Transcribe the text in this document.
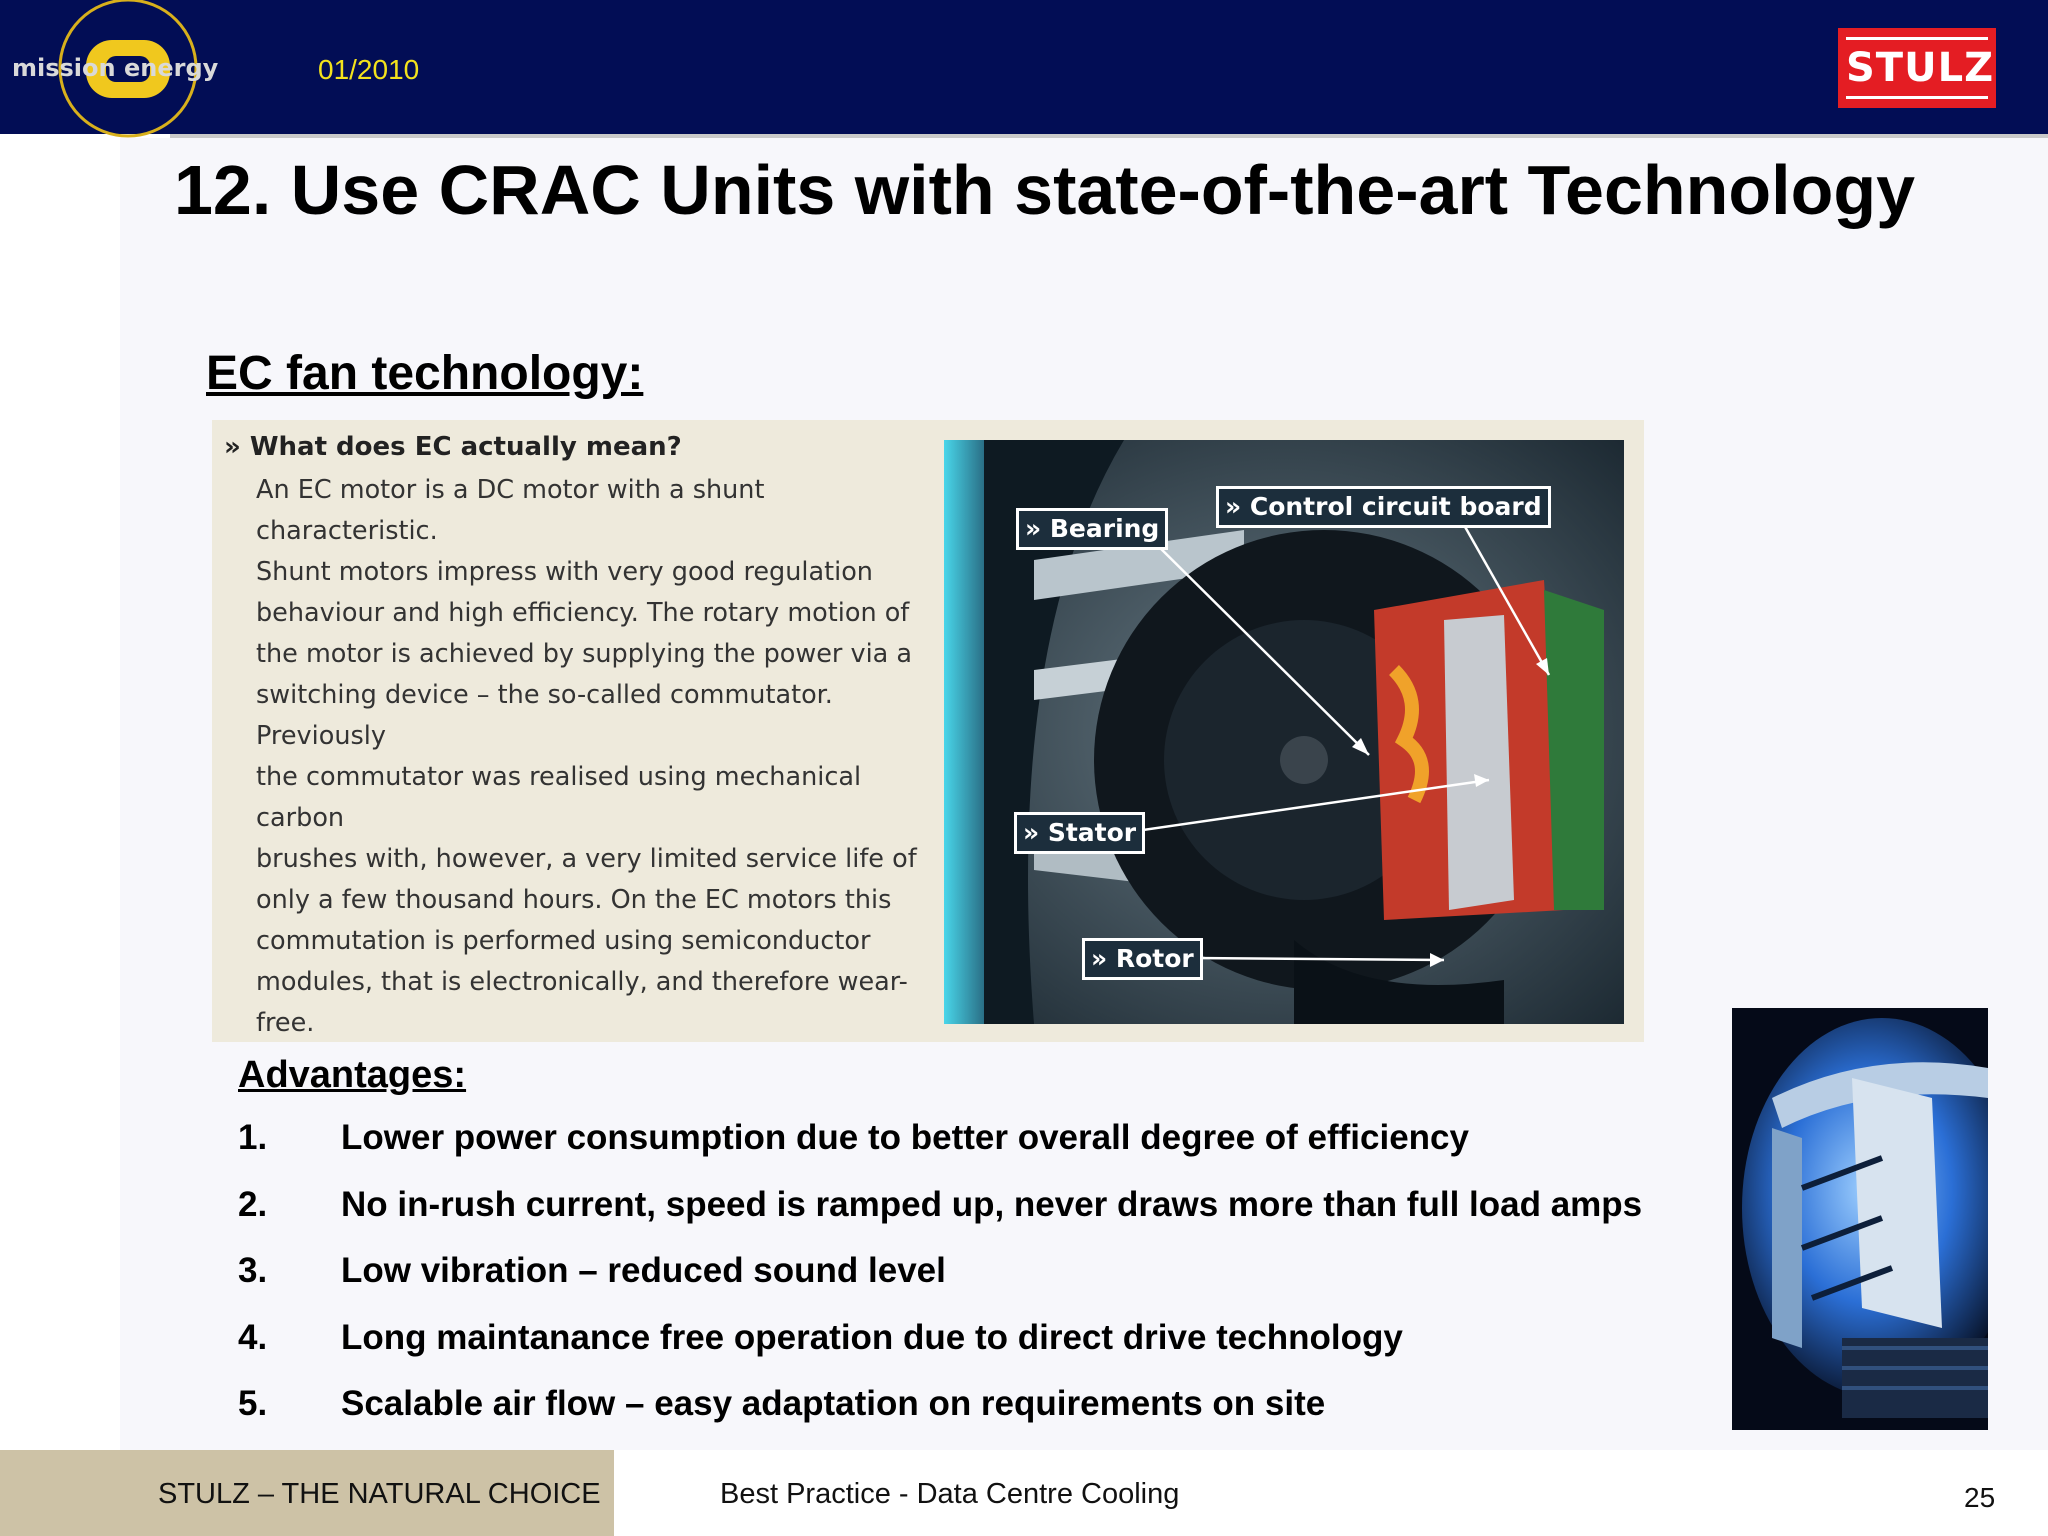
mission energy	01/2010	STULZ
12. Use CRAC Units with state-of-the-art Technology
EC fan technology:
» What does EC actually mean?
An EC motor is a DC motor with a shunt characteristic.
Shunt motors impress with very good regulation
behaviour and high efficiency. The rotary motion of
the motor is achieved by supplying the power via a
switching device – the so-called commutator. Previously
the commutator was realised using mechanical carbon
brushes with, however, a very limited service life of
only a few thousand hours. On the EC motors this
commutation is performed using semiconductor
modules, that is electronically, and therefore wear-free.
» Control circuit board
» Bearing
» Stator
» Rotor
Advantages:
1. Lower power consumption due to better overall degree of efficiency
2. No in-rush current, speed is ramped up, never draws more than full load amps
3. Low vibration – reduced sound level
4. Long maintanance free operation due to direct drive technology
5. Scalable air flow – easy adaptation on requirements on site
STULZ – THE NATURAL CHOICE	Best Practice - Data Centre Cooling	25
